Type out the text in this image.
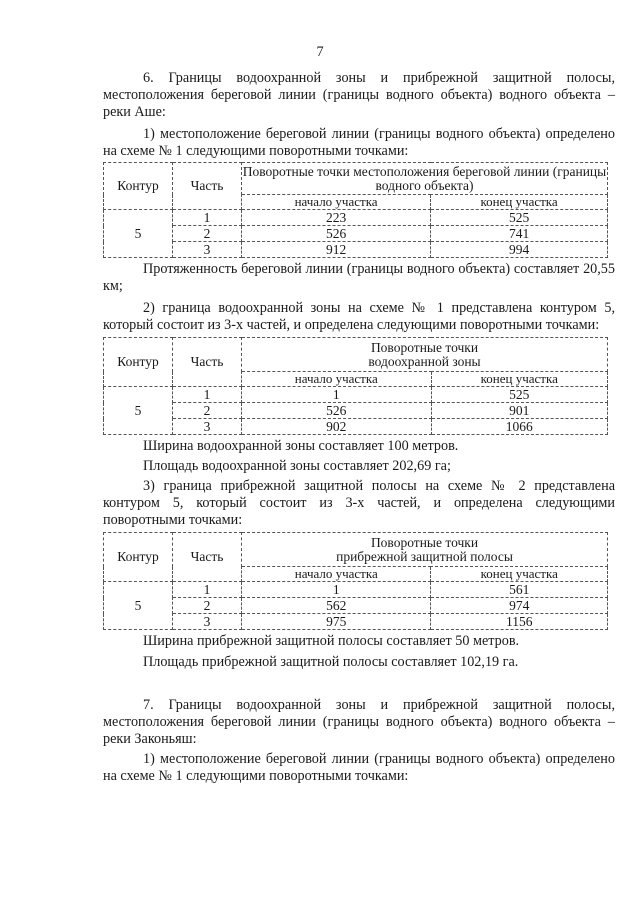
7

6. Границы водоохранной зоны и прибрежной защитной полосы, местоположения береговой линии (границы водного объекта) водного объекта – реки Аше:

1) местоположение береговой линии (границы водного объекта) определено на схеме № 1 следующими поворотными точками:

Контур	Часть	Поворотные точки местоположения береговой линии (границы водного объекта)	
		начало участка	конец участка
5	1	223	525
	2	526	741
	3	912	994

Протяженность береговой линии (границы водного объекта) составляет 20,55 км;

2) граница водоохранной зоны на схеме № 1 представлена контуром 5, который состоит из 3-х частей, и определена следующими поворотными точками:

Контур	Часть	Поворотные точки
водоохранной зоны	

		начало участка	конец участка
5	1	1	525
	2	526	901
	3	902	1066

Ширина водоохранной зоны составляет 100 метров.

Площадь водоохранной зоны составляет 202,69 га;

3) граница прибрежной защитной полосы на схеме № 2 представлена контуром 5, который состоит из 3-х частей, и определена следующими поворотными точками:

Контур	Часть	Поворотные точки
прибрежной защитной полосы	

		начало участка	конец участка
5	1	1	561
	2	562	974
	3	975	1156

Ширина прибрежной защитной полосы составляет 50 метров.

Площадь прибрежной защитной полосы составляет 102,19 га.

7. Границы водоохранной зоны и прибрежной защитной полосы, местоположения береговой линии (границы водного объекта) водного объекта – реки Законьяш:

1) местоположение береговой линии (границы водного объекта) определено на схеме № 1 следующими поворотными точками:
